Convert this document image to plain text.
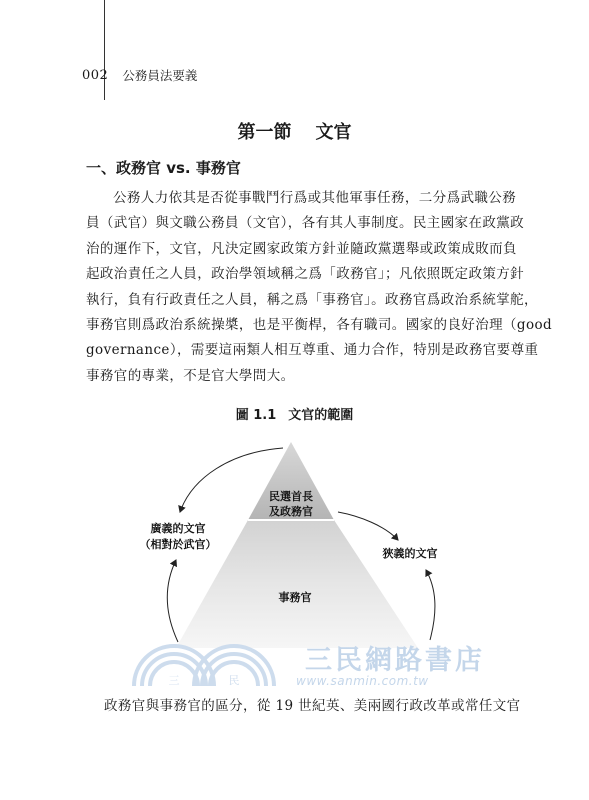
002 公務員法要義
第一節 文官
一、政務官 vs. 事務官
公務人力依其是否從事戰鬥行爲或其他軍事任務，二分爲武職公務
員（武官）與文職公務員（文官），各有其人事制度。民主國家在政黨政
治的運作下，文官，凡決定國家政策方針並隨政黨選舉或政策成敗而負
起政治責任之人員，政治學領域稱之爲「政務官」；凡依照既定政策方針
執行，負有行政責任之人員，稱之爲「事務官」。政務官爲政治系統掌舵，
事務官則爲政治系統操槳，也是平衡桿，各有職司。國家的良好治理（good
governance），需要這兩類人相互尊重、通力合作，特別是政務官要尊重
事務官的專業，不是官大學問大。
圖 1.1 文官的範圍
民選首長
及政務官
事務官
廣義的文官
（相對於武官）
狹義的文官
三	民
三民網路書店
www.sanmin.com.tw
政務官與事務官的區分，從 19 世紀英、美兩國行政改革或常任文官
